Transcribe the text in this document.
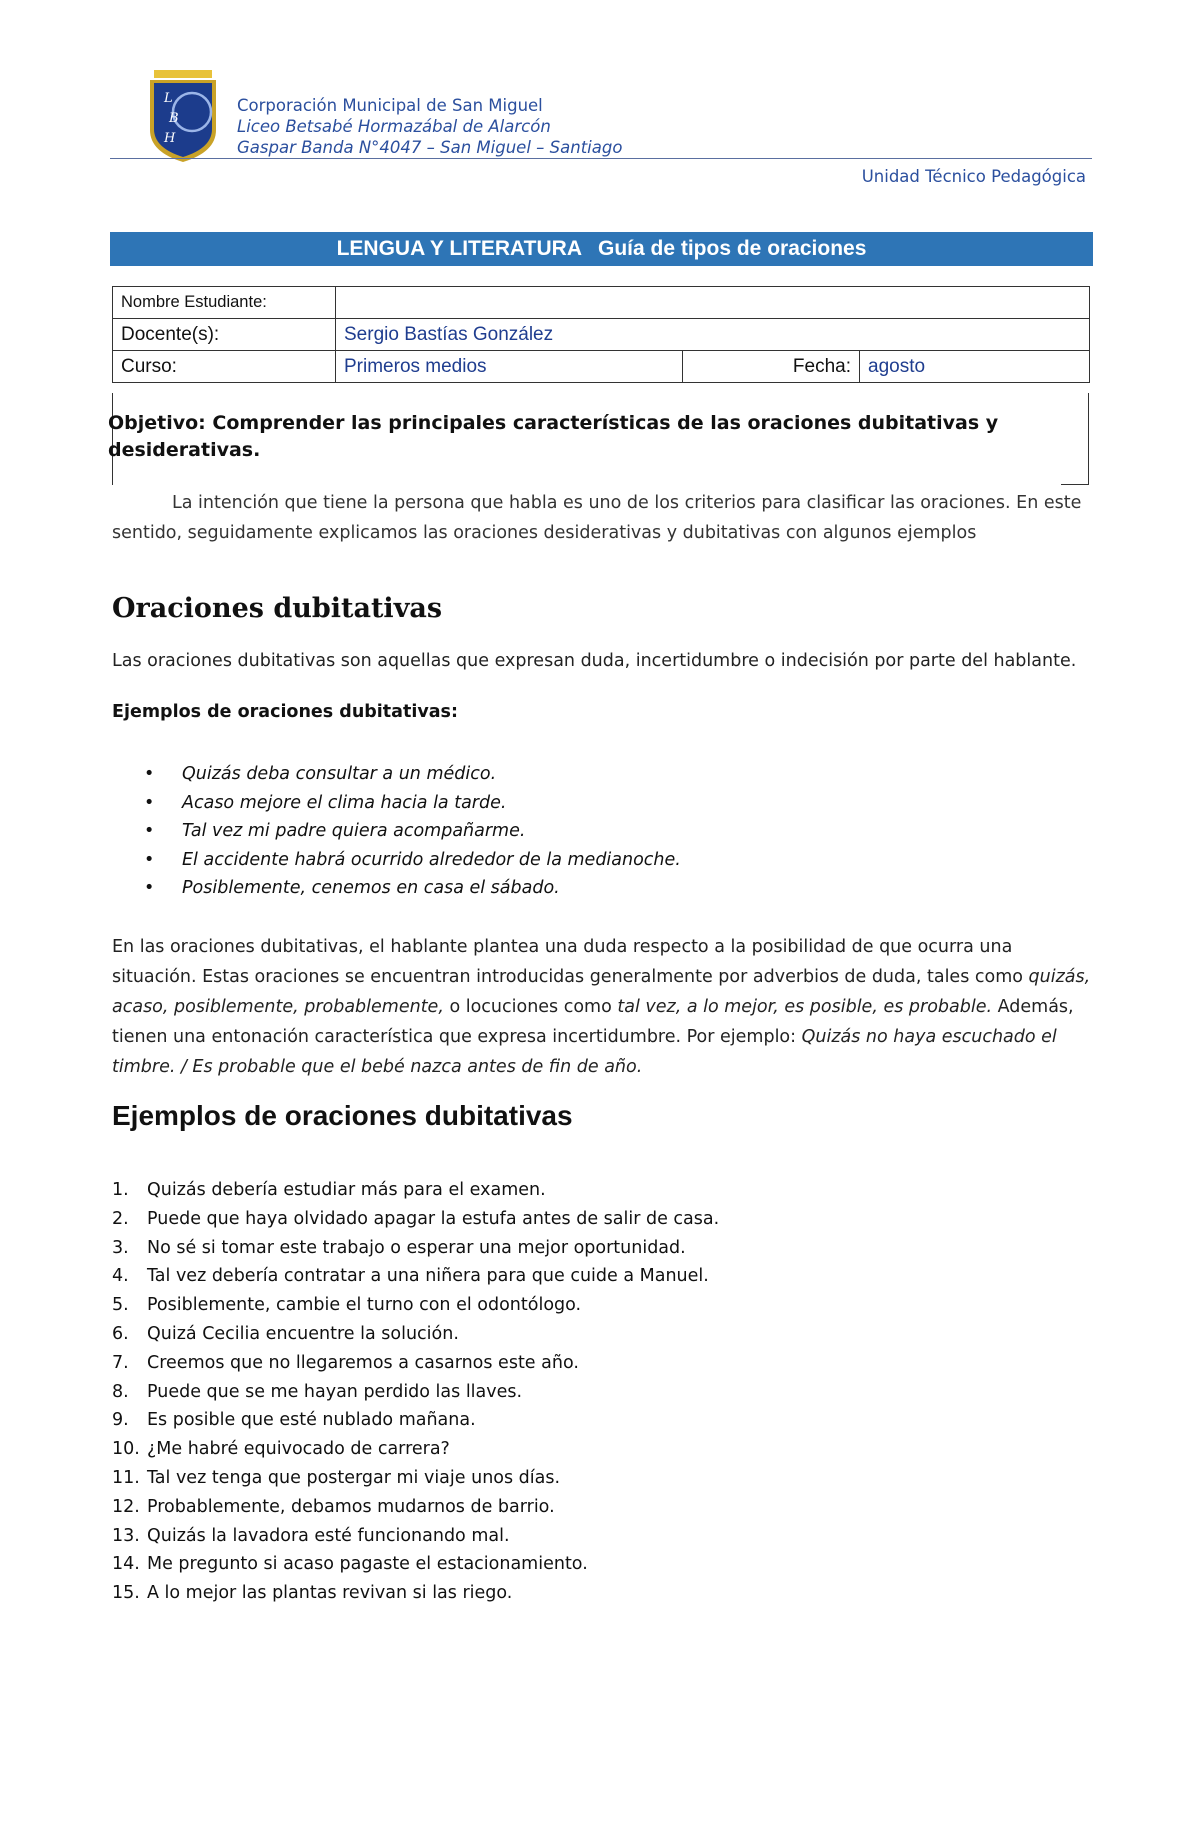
L
B
H
Corporación Municipal de San Miguel
Liceo Betsabé Hormazábal de Alarcón
Gaspar Banda N°4047 – San Miguel – Santiago
Unidad Técnico Pedagógica
LENGUA Y LITERATURA Guía de tipos de oraciones
Nombre Estudiante:			
Docente(s):	Sergio Bastías González		
Curso:	Primeros medios	Fecha:	agosto
Objetivo: Comprender las principales características de las oraciones dubitativas y desiderativas.
La intención que tiene la persona que habla es uno de los criterios para clasificar las oraciones. En este sentido, seguidamente explicamos las oraciones desiderativas y dubitativas con algunos ejemplos
Oraciones dubitativas
Las oraciones dubitativas son aquellas que expresan duda, incertidumbre o indecisión por parte del hablante.
Ejemplos de oraciones dubitativas:
• Quizás deba consultar a un médico.
• Acaso mejore el clima hacia la tarde.
• Tal vez mi padre quiera acompañarme.
• El accidente habrá ocurrido alrededor de la medianoche.
• Posiblemente, cenemos en casa el sábado.
En las oraciones dubitativas, el hablante plantea una duda respecto a la posibilidad de que ocurra una situación. Estas oraciones se encuentran introducidas generalmente por adverbios de duda, tales como quizás, acaso, posiblemente, probablemente, o locuciones como tal vez, a lo mejor, es posible, es probable. Además, tienen una entonación característica que expresa incertidumbre. Por ejemplo: Quizás no haya escuchado el timbre. / Es probable que el bebé nazca antes de fin de año.
Ejemplos de oraciones dubitativas
1. Quizás debería estudiar más para el examen.
2. Puede que haya olvidado apagar la estufa antes de salir de casa.
3. No sé si tomar este trabajo o esperar una mejor oportunidad.
4. Tal vez debería contratar a una niñera para que cuide a Manuel.
5. Posiblemente, cambie el turno con el odontólogo.
6. Quizá Cecilia encuentre la solución.
7. Creemos que no llegaremos a casarnos este año.
8. Puede que se me hayan perdido las llaves.
9. Es posible que esté nublado mañana.
10. ¿Me habré equivocado de carrera?
11. Tal vez tenga que postergar mi viaje unos días.
12. Probablemente, debamos mudarnos de barrio.
13. Quizás la lavadora esté funcionando mal.
14. Me pregunto si acaso pagaste el estacionamiento.
15. A lo mejor las plantas revivan si las riego.
